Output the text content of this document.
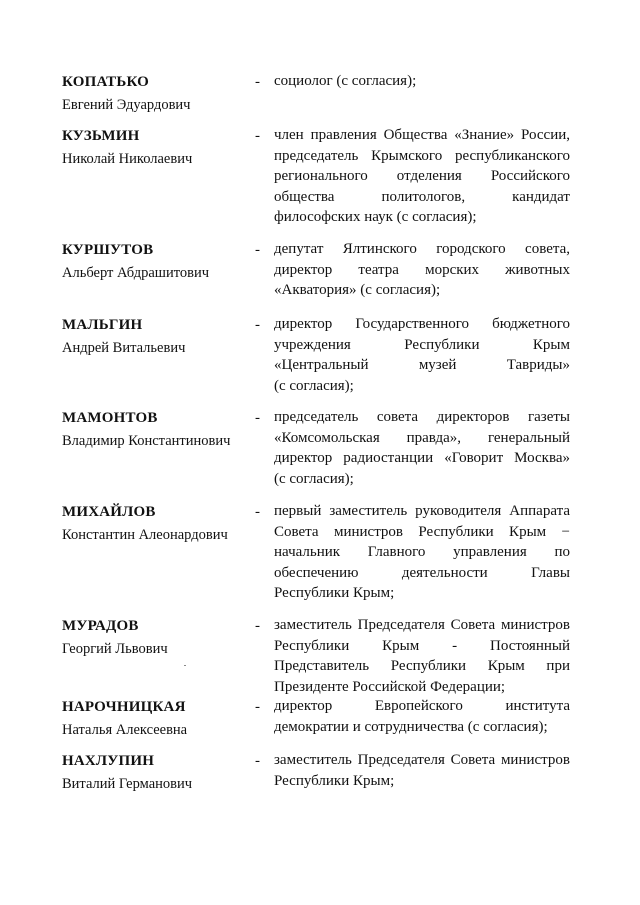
КОПАТЬКО
Евгений Эдуардович
- социолог (с согласия);
КУЗЬМИН
Николай Николаевич
- член правления Общества «Знание» России,
председатель Крымского республиканского
регионального отделения Российского
общества политологов, кандидат
философских наук (с согласия);
КУРШУТОВ
Альберт Абдрашитович
- депутат Ялтинского городского совета,
директор театра морских животных
«Акватория» (с согласия);
МАЛЬГИН
Андрей Витальевич
- директор Государственного бюджетного
учреждения Республики Крым
«Центральный музей Тавриды»
(с согласия);
МАМОНТОВ
Владимир Константинович
- председатель совета директоров газеты
«Комсомольская правда», генеральный
директор радиостанции «Говорит Москва»
(с согласия);
МИХАЙЛОВ
Константин Алеонардович
- первый заместитель руководителя Аппарата
Совета министров Республики Крым −
начальник Главного управления по
обеспечению деятельности Главы
Республики Крым;
МУРАДОВ
Георгий Львович
- заместитель Председателя Совета министров
Республики Крым - Постоянный
Представитель Республики Крым при
Президенте Российской Федерации;
НАРОЧНИЦКАЯ
Наталья Алексеевна
- директор Европейского института
демократии и сотрудничества (с согласия);
НАХЛУПИН
Виталий Германович
- заместитель Председателя Совета министров
Республики Крым;
